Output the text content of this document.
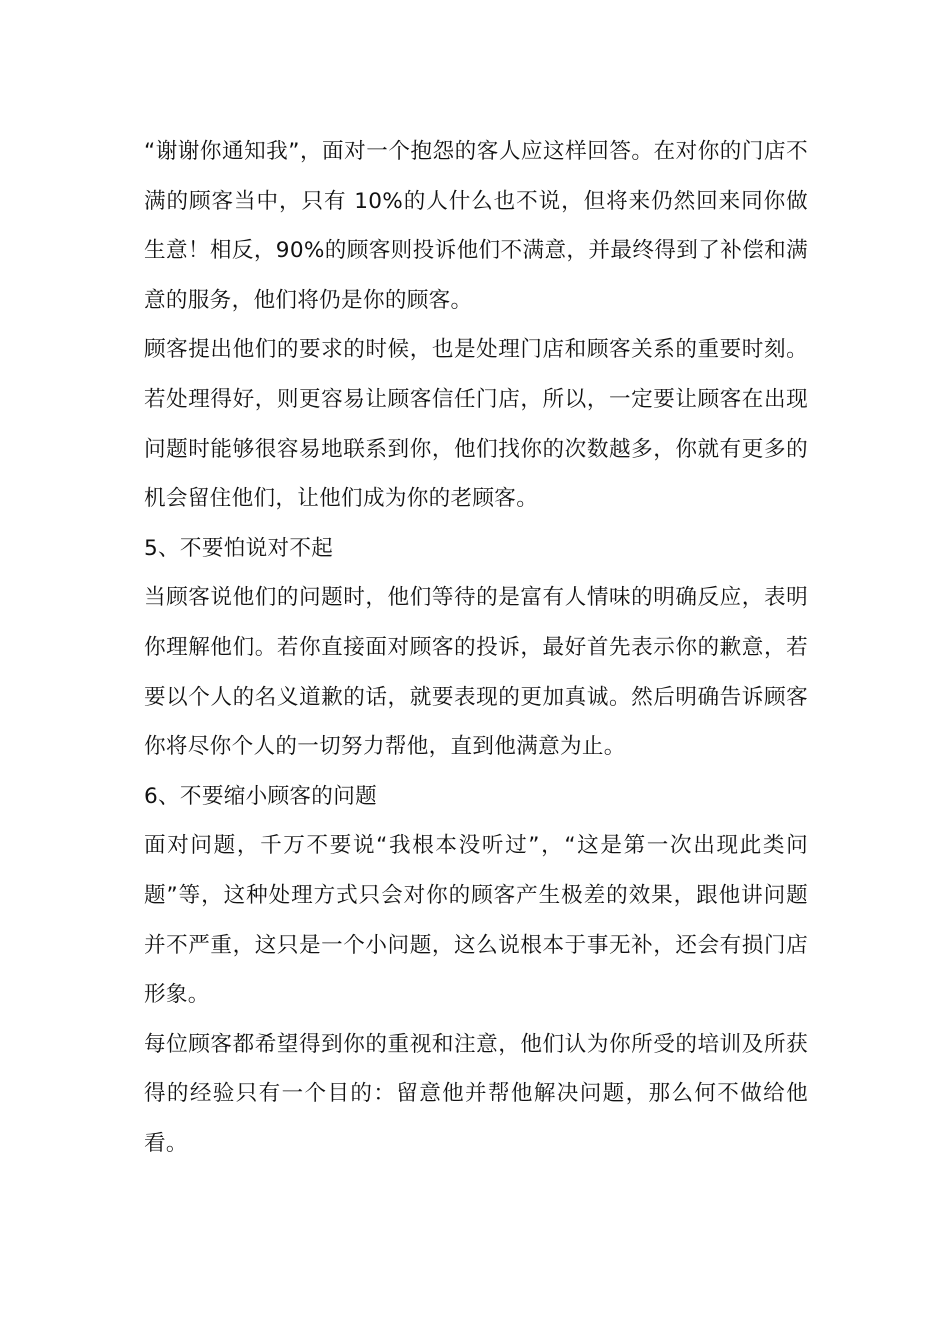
“谢谢你通知我”，面对一个抱怨的客人应这样回答。在对你的门店不满的顾客当中，只有 10%的人什么也不说，但将来仍然回来同你做生意！相反，90%的顾客则投诉他们不满意，并最终得到了补偿和满意的服务，他们将仍是你的顾客。

顾客提出他们的要求的时候，也是处理门店和顾客关系的重要时刻。若处理得好，则更容易让顾客信任门店，所以，一定要让顾客在出现问题时能够很容易地联系到你，他们找你的次数越多，你就有更多的机会留住他们，让他们成为你的老顾客。

5、不要怕说对不起

当顾客说他们的问题时，他们等待的是富有人情味的明确反应，表明你理解他们。若你直接面对顾客的投诉，最好首先表示你的歉意，若要以个人的名义道歉的话，就要表现的更加真诚。然后明确告诉顾客你将尽你个人的一切努力帮他，直到他满意为止。

6、不要缩小顾客的问题

面对问题，千万不要说“我根本没听过”，“这是第一次出现此类问题”等，这种处理方式只会对你的顾客产生极差的效果，跟他讲问题并不严重，这只是一个小问题，这么说根本于事无补，还会有损门店形象。

每位顾客都希望得到你的重视和注意，他们认为你所受的培训及所获得的经验只有一个目的：留意他并帮他解决问题，那么何不做给他看。
